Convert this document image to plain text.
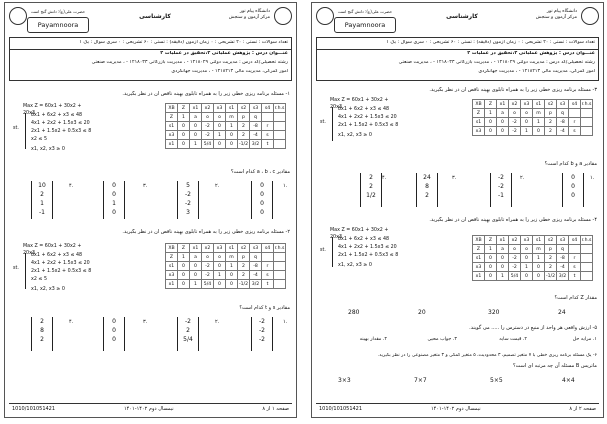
دانشگاه پیام نور
مرکز آزمون و سنجش
کارشناسی
حضرت علی(ع): دانش گنج است
Payamnoora
تعداد سوالات : تستی : ۲۰ تشریحی : ۰ زمان آزمون (دقیقه) : تستی : ۶۰ تشریحی : ۰ سری سوال : یک ۱
عنـــوان درس : پژوهش عملیاتی ۲،تحقیق در عملیات ۲
رشته تحصیلی/کد درس : مدیریت دولتی ۱۲۱۸۰۲۹ - ، مدیریت بازرگانی ۱۲۱۸۰۳۳ - ، مدیریت صنعتی
امور گمرکی، مدیریت مالی ۱۲۱۸۲۱۳ - ، مدیریت جهانگردی
۱- مسئله برنامه ریزی خطی زیر را به همراه تابلوی بهینه ناقص آن در نظر بگیرید.
Max Z = 60x1 + 30x2 + 20x3
st.
8x1 + 6x2 + x3 ≤ 48
4x1 + 2x2 + 1.5x3 ≤ 20
2x1 + 1.5x2 + 0.5x3 ≤ 8
x2 ≤ 5
x1, x2, x3 ≥ 0
XB	Z	x1	x2	x3	s1	s2	s3	s4	r.h.s
Z	1	a	o	o	m	p	q		
s1	0	0	-2	0	1	2	-8	r	
x3	0	0	-2	1	0	2	-4	s	
x1	0	1	5/4	0	0	-1/2	3/2	t	
مقادیر a ، b ، c کدام است؟
۴.
10
2
1
-1
۳.
0
0
1
0
۲.
5
-2
-2
3
۱.
0
0
0
0
۲- مسئله برنامه ریزی خطی زیر را به همراه تابلوی بهینه ناقص آن در نظر بگیرید.
Max Z = 60x1 + 30x2 + 20x3
st.
8x1 + 6x2 + x3 ≤ 48
4x1 + 2x2 + 1.5x3 ≤ 20
2x1 + 1.5x2 + 0.5x3 ≤ 8
x2 ≤ 5
x1, x2, x3 ≥ 0
XB	Z	x1	x2	x3	s1	s2	s3	s4	r.h.s
Z	1	a	o	o	m	p	q		
s1	0	0	-2	0	1	2	-8	r	
x3	0	0	-2	1	0	2	-4	s	
x1	0	1	5/4	0	0	-1/2	3/2	t	
مقادیر s و t کدام است؟
۴.
2
8
2
۳.
0
0
0
۲.
-2
2
5/4
۱.
-2
-2
-2
1010/101051421	نیمسال دوم ۱۴۰۲-۱۴۰۱	صفحه ۱ از ۸
دانشگاه پیام نور
مرکز آزمون و سنجش
کارشناسی
حضرت علی(ع): دانش گنج است
Payamnoora
تعداد سوالات : تستی : ۲۰ تشریحی : ۰ زمان آزمون (دقیقه) : تستی : ۶۰ تشریحی : ۰ سری سوال : یک ۱
عنـــوان درس : پژوهش عملیاتی ۲،تحقیق در عملیات ۲
رشته تحصیلی/کد درس : مدیریت دولتی ۱۲۱۸۰۲۹ - ، مدیریت بازرگانی ۱۲۱۸۰۳۳ - ، مدیریت صنعتی
امور گمرکی، مدیریت مالی ۱۲۱۸۲۱۳ - ، مدیریت جهانگردی
۳- مسئله برنامه ریزی خطی زیر را به همراه تابلوی بهینه ناقص آن در نظر بگیرید.
Max Z = 60x1 + 30x2 + 20x3
st.
8x1 + 6x2 + x3 ≤ 48
4x1 + 2x2 + 1.5x3 ≤ 20
2x1 + 1.5x2 + 0.5x3 ≤ 8
x1, x2, x3 ≥ 0
XB	Z	x1	x2	x3	s1	s2	s3	s4	r.h.s
Z	1	a	o	o	m	p	q		
s1	0	0	-2	0	1	2	-8	r	
x3	0	0	-2	1	0	2	-4	s	
مقادیر a و b کدام است؟
۴.
2
2
1/2
۳.
24
8
2
۲.
-2
-2
-1
۱.
0
0
0
۴- مسئله برنامه ریزی خطی زیر را به همراه تابلوی بهینه ناقص آن در نظر بگیرید.
Max Z = 60x1 + 30x2 + 20x3
st.
8x1 + 6x2 + x3 ≤ 48
4x1 + 2x2 + 1.5x3 ≤ 20
2x1 + 1.5x2 + 0.5x3 ≤ 8
x1, x2, x3 ≥ 0
XB	Z	x1	x2	x3	s1	s2	s3	s4	r.h.s
Z	1	a	o	o	m	p	q		
s1	0	0	-2	0	1	2	-8	r	
x3	0	0	-2	1	0	2	-4	s	
x1	0	1	5/4	0	0	-1/2	3/2	t	
مقدار Z کدام است؟
280	20	320	24
۵- ارزش واقعی هر واحد از منبع در دسترس را ..... می گویند.
۱. مرایه حل
۲. قیمت سایه
۳. جواب محیی
۴. مقدار بهینه
۶- یک مسئله برنامه ریزی خطی با ۷ متغیر تصمیم، ۳ محدودیت، ۵ متغیر کمکی و ۳ متغیر مصنوعی را در نظر بگیرید.
ماتریس B مسئله آن چه مرتبه ای است؟
3×3	7×7	5×5	4×4
1010/101051421	نیمسال دوم ۱۴۰۲-۱۴۰۱	صفحه ۲ از ۸
